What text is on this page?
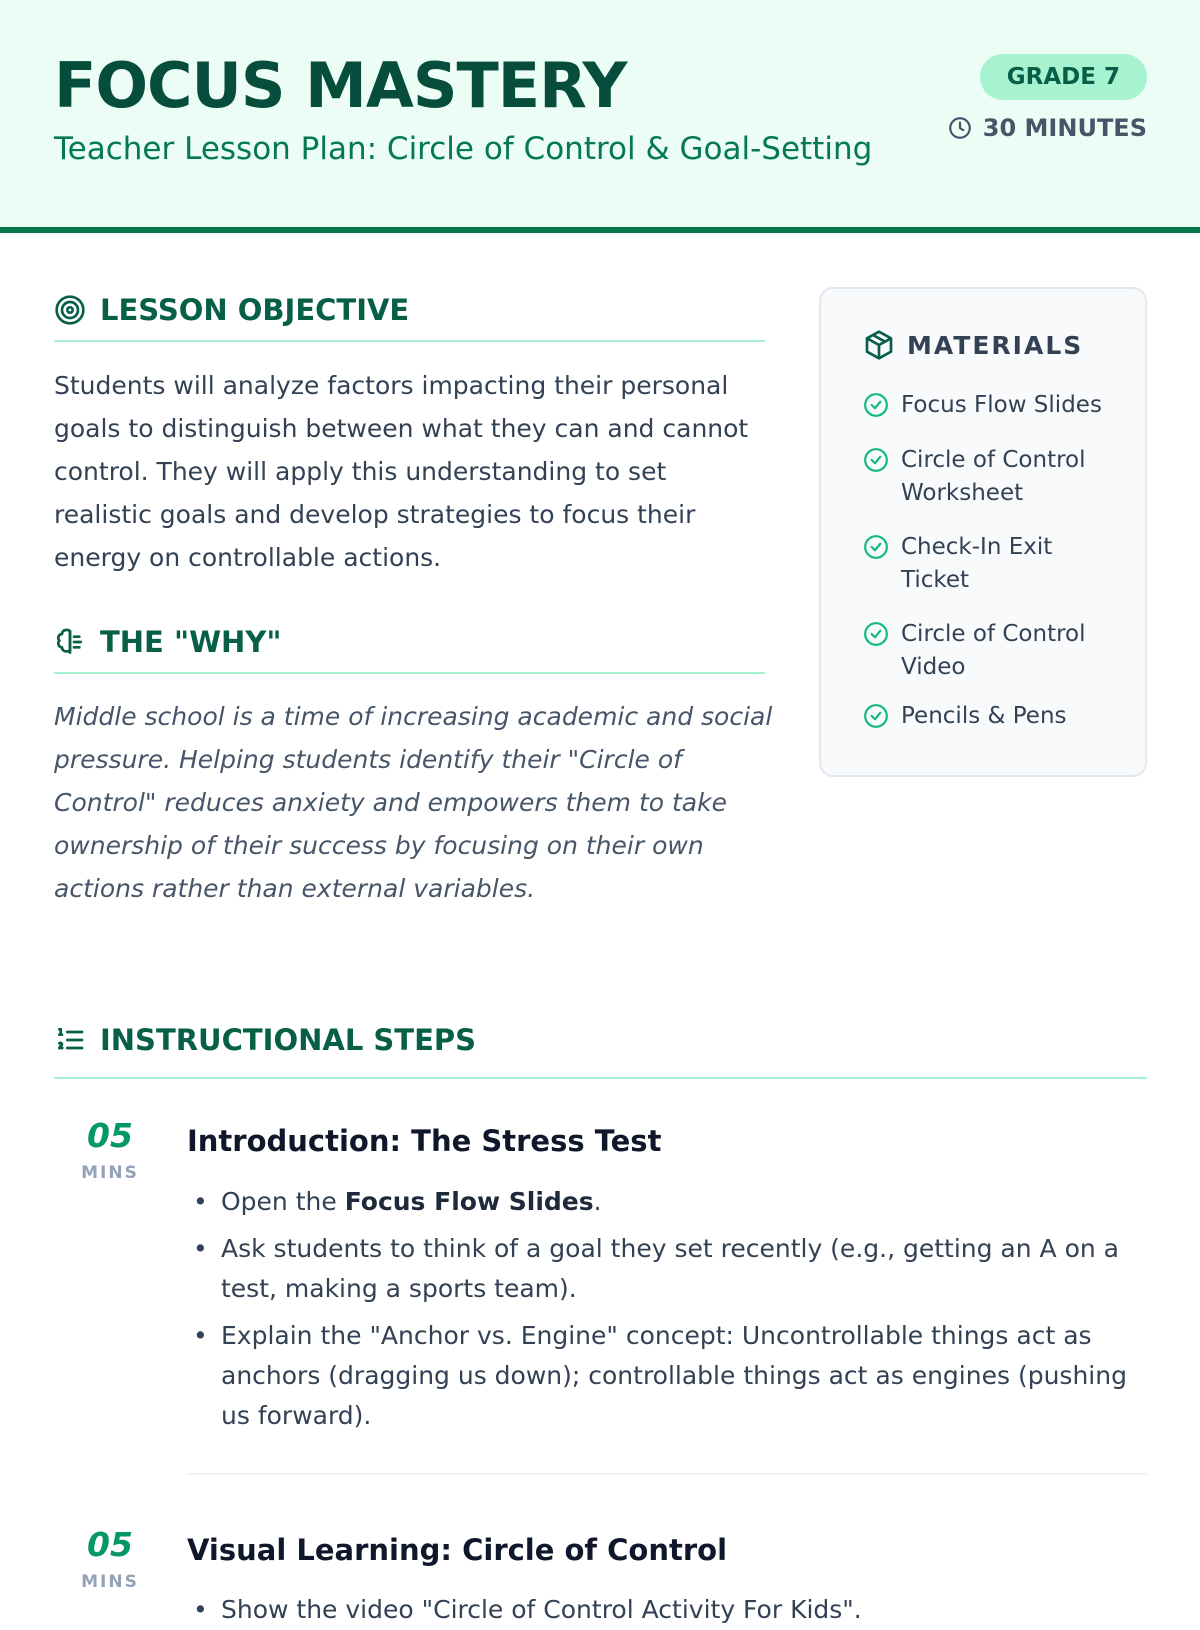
FOCUS MASTERY
Teacher Lesson Plan: Circle of Control & Goal-Setting
GRADE 7
30 MINUTES
LESSON OBJECTIVE
Students will analyze factors impacting their personal goals to distinguish between what they can and cannot control. They will apply this understanding to set realistic goals and develop strategies to focus their energy on controllable actions.
THE "WHY"
Middle school is a time of increasing academic and social pressure. Helping students identify their "Circle of Control" reduces anxiety and empowers them to take ownership of their success by focusing on their own actions rather than external variables.
MATERIALS
Focus Flow Slides
Circle of Control Worksheet
Check-In Exit Ticket
Circle of Control Video
Pencils & Pens
INSTRUCTIONAL STEPS
05
MINS
Introduction: The Stress Test
• Open the Focus Flow Slides.
• Ask students to think of a goal they set recently (e.g., getting an A on a test, making a sports team).
• Explain the "Anchor vs. Engine" concept: Uncontrollable things act as anchors (dragging us down); controllable things act as engines (pushing us forward).
05
MINS
Visual Learning: Circle of Control
• Show the video "Circle of Control Activity For Kids".
